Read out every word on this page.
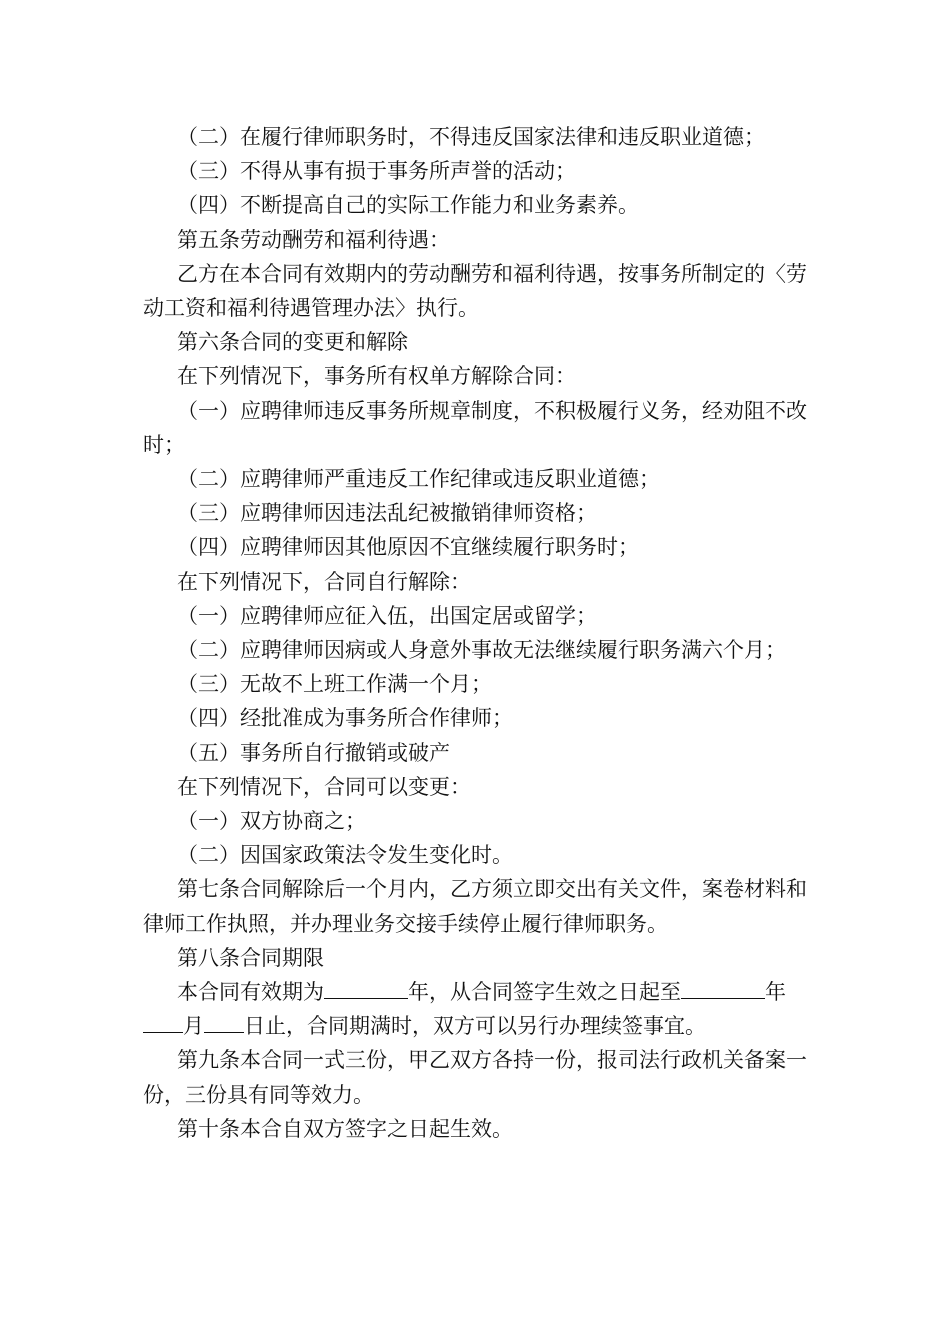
（二）在履行律师职务时，不得违反国家法律和违反职业道德；

（三）不得从事有损于事务所声誉的活动；

（四）不断提高自己的实际工作能力和业务素养。

第五条劳动酬劳和福利待遇：

乙方在本合同有效期内的劳动酬劳和福利待遇，按事务所制定的〈劳动工资和福利待遇管理办法〉执行。

第六条合同的变更和解除

在下列情况下，事务所有权单方解除合同：

（一）应聘律师违反事务所规章制度，不积极履行义务，经劝阻不改时；

（二）应聘律师严重违反工作纪律或违反职业道德；

（三）应聘律师因违法乱纪被撤销律师资格；

（四）应聘律师因其他原因不宜继续履行职务时；

在下列情况下，合同自行解除：

（一）应聘律师应征入伍，出国定居或留学；

（二）应聘律师因病或人身意外事故无法继续履行职务满六个月；

（三）无故不上班工作满一个月；

（四）经批准成为事务所合作律师；

（五）事务所自行撤销或破产

在下列情况下，合同可以变更：

（一）双方协商之；

（二）因国家政策法令发生变化时。

第七条合同解除后一个月内，乙方须立即交出有关文件，案卷材料和律师工作执照，并办理业务交接手续停止履行律师职务。

第八条合同期限

本合同有效期为	年，从合同签字生效之日起至	年月 日止，合同期满时，双方可以另行办理续签事宜。

第九条本合同一式三份，甲乙双方各持一份，报司法行政机关备案一份，三份具有同等效力。

第十条本合自双方签字之日起生效。
